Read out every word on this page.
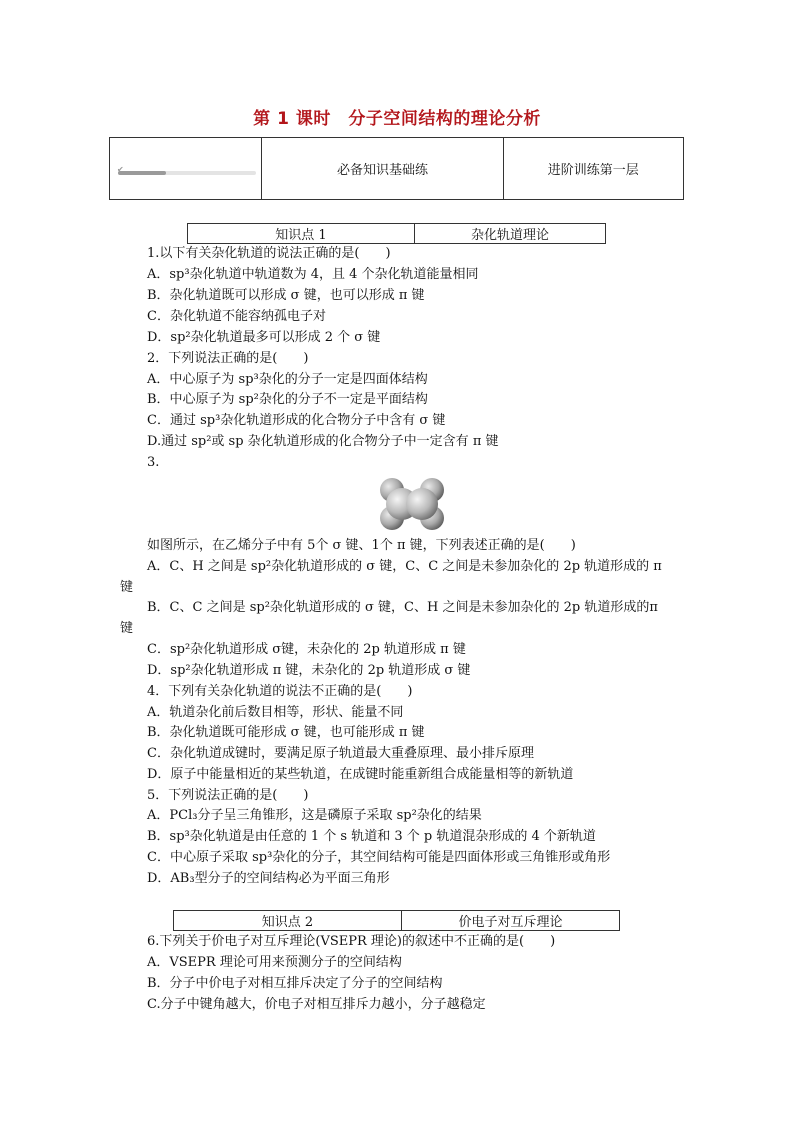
第 1 课时　分子空间结构的理论分析
✔	必备知识基础练	进阶训练第一层
知识点 1	杂化轨道理论
1.以下有关杂化轨道的说法正确的是(　　)
A．sp³杂化轨道中轨道数为 4，且 4 个杂化轨道能量相同
B．杂化轨道既可以形成 σ 键，也可以形成 π 键
C．杂化轨道不能容纳孤电子对
D．sp²杂化轨道最多可以形成 2 个 σ 键
2．下列说法正确的是(　　)
A．中心原子为 sp³杂化的分子一定是四面体结构
B．中心原子为 sp²杂化的分子不一定是平面结构
C．通过 sp³杂化轨道形成的化合物分子中含有 σ 键
D.通过 sp²或 sp 杂化轨道形成的化合物分子中一定含有 π 键
3.
如图所示，在乙烯分子中有 5个 σ 键、1个 π 键，下列表述正确的是(　　)
A．C、H 之间是 sp²杂化轨道形成的 σ 键，C、C 之间是未参加杂化的 2p 轨道形成的 π
键
B．C、C 之间是 sp²杂化轨道形成的 σ 键，C、H 之间是未参加杂化的 2p 轨道形成的π
键
C．sp²杂化轨道形成 σ键，未杂化的 2p 轨道形成 π 键
D．sp²杂化轨道形成 π 键，未杂化的 2p 轨道形成 σ 键
4．下列有关杂化轨道的说法不正确的是(　　)
A．轨道杂化前后数目相等，形状、能量不同
B．杂化轨道既可能形成 σ 键，也可能形成 π 键
C．杂化轨道成键时，要满足原子轨道最大重叠原理、最小排斥原理
D．原子中能量相近的某些轨道，在成键时能重新组合成能量相等的新轨道
5．下列说法正确的是(　　)
A．PCl₃分子呈三角锥形，这是磷原子采取 sp²杂化的结果
B．sp³杂化轨道是由任意的 1 个 s 轨道和 3 个 p 轨道混杂形成的 4 个新轨道
C．中心原子采取 sp³杂化的分子，其空间结构可能是四面体形或三角锥形或角形
D．AB₃型分子的空间结构必为平面三角形
知识点 2	价电子对互斥理论
6.下列关于价电子对互斥理论(VSEPR 理论)的叙述中不正确的是(　　)
A．VSEPR 理论可用来预测分子的空间结构
B．分子中价电子对相互排斥决定了分子的空间结构
C.分子中键角越大，价电子对相互排斥力越小，分子越稳定
